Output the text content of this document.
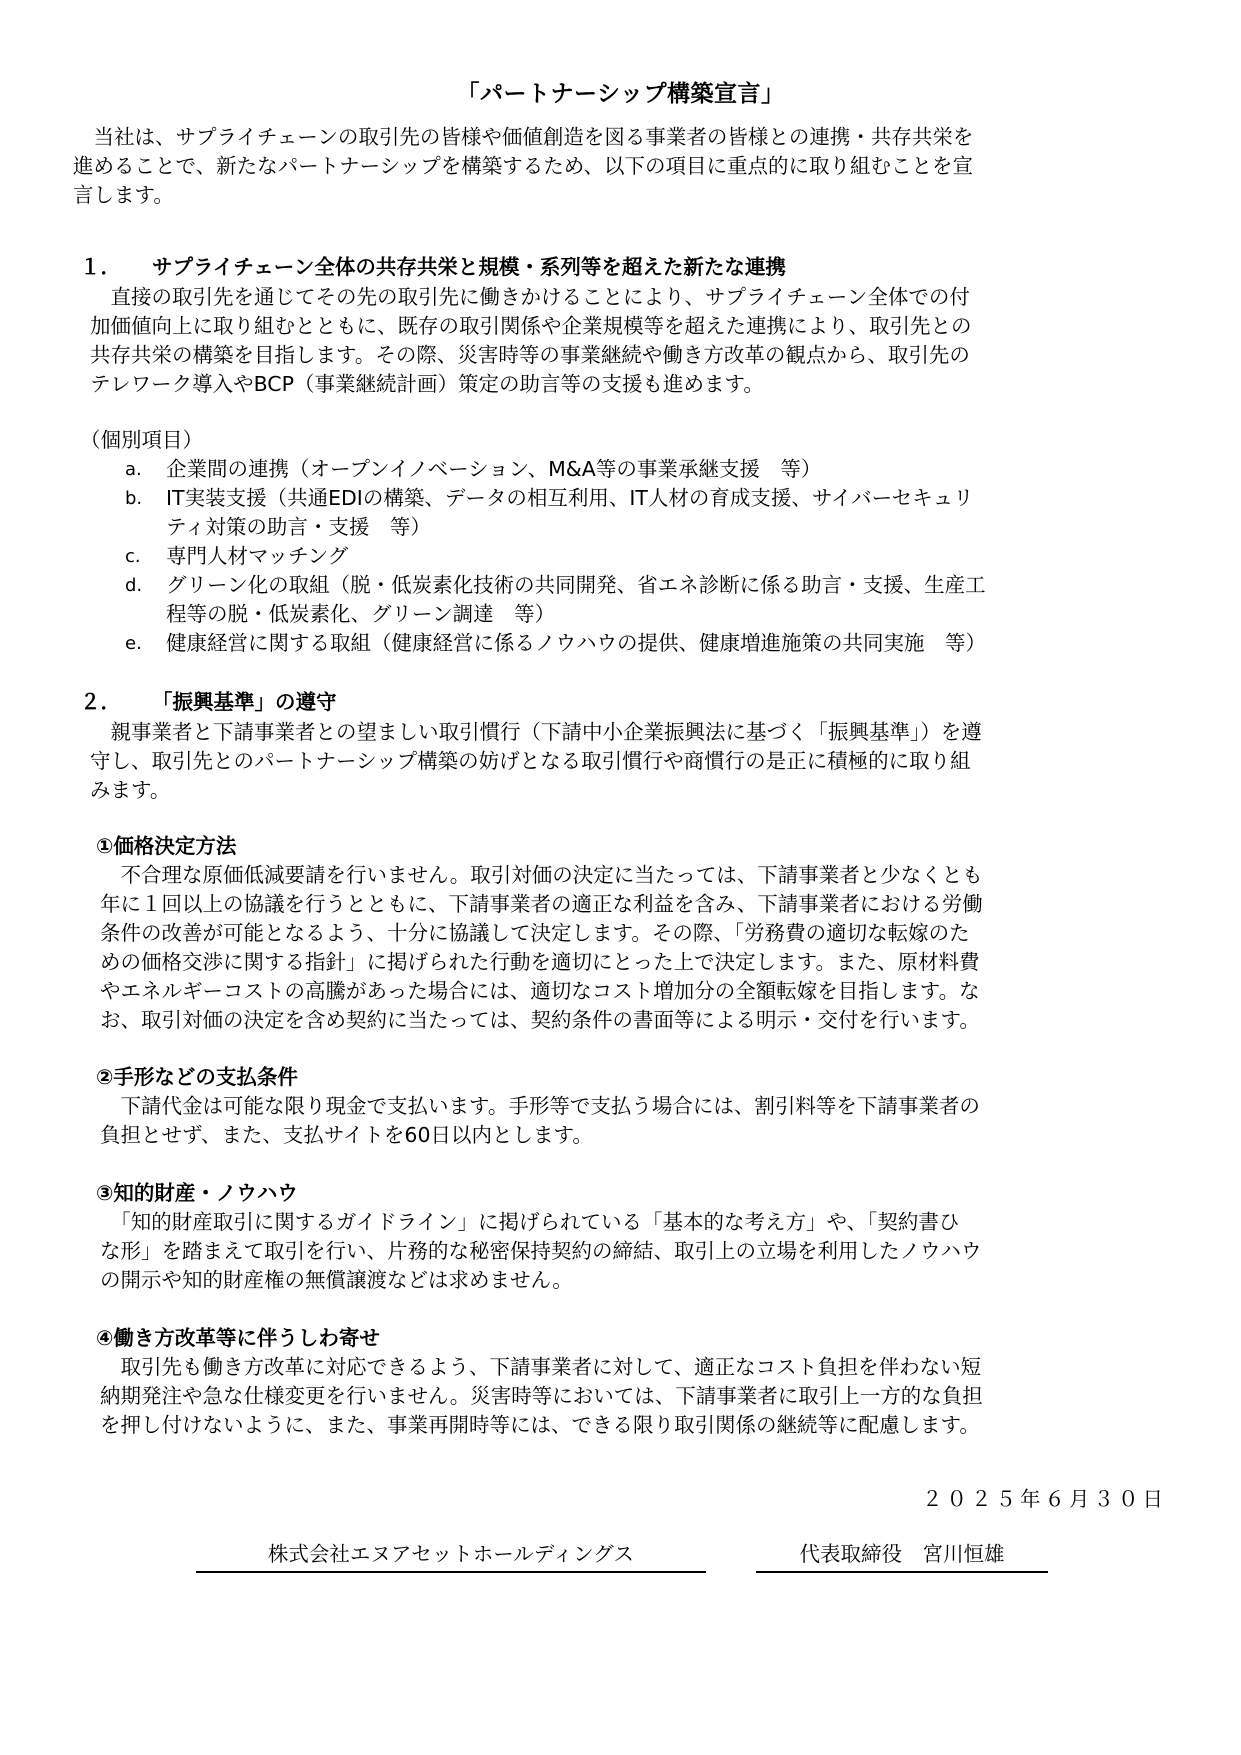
「パートナーシップ構築宣言」
　当社は、サプライチェーンの取引先の皆様や価値創造を図る事業者の皆様との連携・共存共栄を
進めることで、新たなパートナーシップを構築するため、以下の項目に重点的に取り組むことを宣
言します。
１． サプライチェーン全体の共存共栄と規模・系列等を超えた新たな連携
　直接の取引先を通じてその先の取引先に働きかけることにより、サプライチェーン全体での付
加価値向上に取り組むとともに、既存の取引関係や企業規模等を超えた連携により、取引先との
共存共栄の構築を目指します。その際、災害時等の事業継続や働き方改革の観点から、取引先の
テレワーク導入やBCP（事業継続計画）策定の助言等の支援も進めます。
（個別項目）
a. 企業間の連携（オープンイノベーション、M&A等の事業承継支援　等）
b. IT実装支援（共通EDIの構築、データの相互利用、IT人材の育成支援、サイバーセキュリ
ティ対策の助言・支援　等）
c. 専門人材マッチング
d. グリーン化の取組（脱・低炭素化技術の共同開発、省エネ診断に係る助言・支援、生産工
程等の脱・低炭素化、グリーン調達　等）
e. 健康経営に関する取組（健康経営に係るノウハウの提供、健康増進施策の共同実施　等）
２． 「振興基準」の遵守
　親事業者と下請事業者との望ましい取引慣行（下請中小企業振興法に基づく「振興基準」）を遵
守し、取引先とのパートナーシップ構築の妨げとなる取引慣行や商慣行の是正に積極的に取り組
みます。
①価格決定方法
　不合理な原価低減要請を行いません。取引対価の決定に当たっては、下請事業者と少なくとも
年に１回以上の協議を行うとともに、下請事業者の適正な利益を含み、下請事業者における労働
条件の改善が可能となるよう、十分に協議して決定します。その際、「労務費の適切な転嫁のた
めの価格交渉に関する指針」に掲げられた行動を適切にとった上で決定します。また、原材料費
やエネルギーコストの高騰があった場合には、適切なコスト増加分の全額転嫁を目指します。な
お、取引対価の決定を含め契約に当たっては、契約条件の書面等による明示・交付を行います。
②手形などの支払条件
　下請代金は可能な限り現金で支払います。手形等で支払う場合には、割引料等を下請事業者の
負担とせず、また、支払サイトを60日以内とします。
③知的財産・ノウハウ
　「知的財産取引に関するガイドライン」に掲げられている「基本的な考え方」や、「契約書ひ
な形」を踏まえて取引を行い、片務的な秘密保持契約の締結、取引上の立場を利用したノウハウ
の開示や知的財産権の無償譲渡などは求めません。
④働き方改革等に伴うしわ寄せ
　取引先も働き方改革に対応できるよう、下請事業者に対して、適正なコスト負担を伴わない短
納期発注や急な仕様変更を行いません。災害時等においては、下請事業者に取引上一方的な負担
を押し付けないように、また、事業再開時等には、できる限り取引関係の継続等に配慮します。
２０２５年６月３０日
株式会社エヌアセットホールディングス	代表取締役　宮川恒雄
